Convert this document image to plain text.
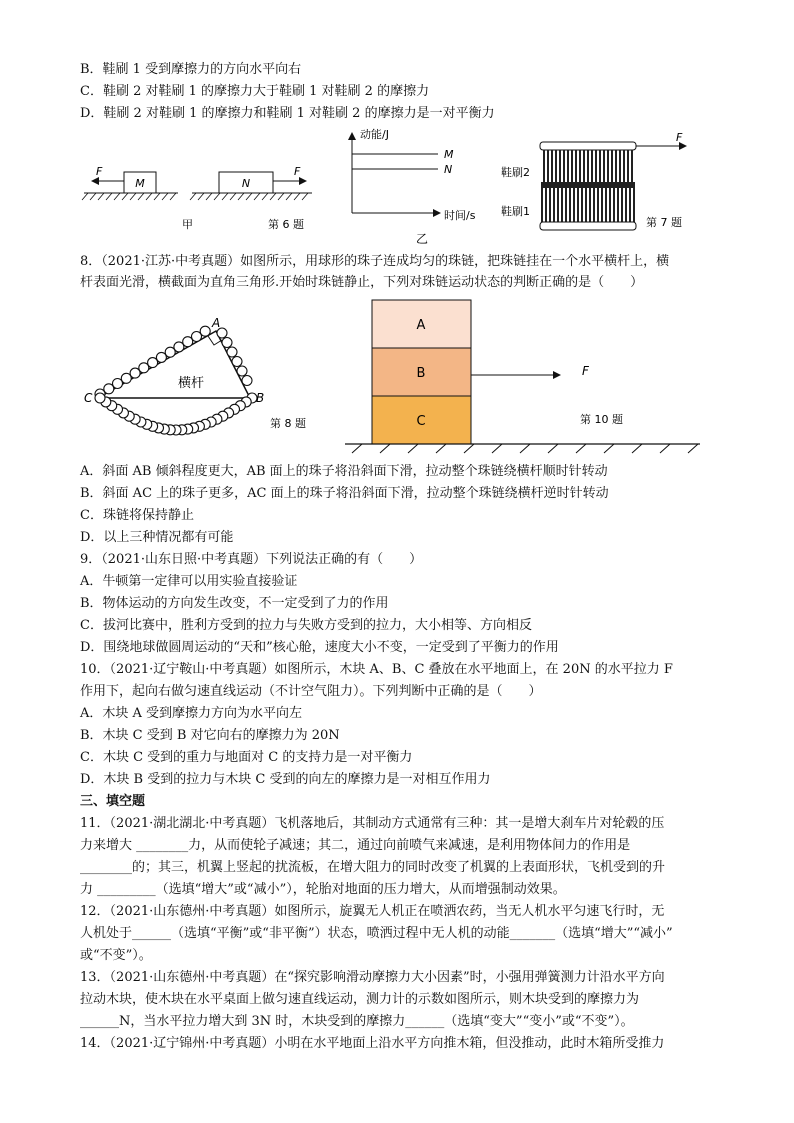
B．鞋刷 1 受到摩擦力的方向水平向右
C．鞋刷 2 对鞋刷 1 的摩擦力大于鞋刷 1 对鞋刷 2 的摩擦力
D．鞋刷 2 对鞋刷 1 的摩擦力和鞋刷 1 对鞋刷 2 的摩擦力是一对平衡力
M
F
N
F
甲	第 6 题
动能/J
时间/s
M
N
乙
F
鞋刷2
鞋刷1
第 7 题
8．（2021·江苏·中考真题）如图所示，用球形的珠子连成均匀的珠链，把珠链挂在一个水平横杆上，横
杆表面光滑，横截面为直角三角形.开始时珠链静止，下列对珠链运动状态的判断正确的是（　　）
A
B
C
横杆
第 8 题
A
B
C
F
第 10 题
A．斜面 AB 倾斜程度更大，AB 面上的珠子将沿斜面下滑，拉动整个珠链绕横杆顺时针转动
B．斜面 AC 上的珠子更多，AC 面上的珠子将沿斜面下滑，拉动整个珠链绕横杆逆时针转动
C．珠链将保持静止
D．以上三种情况都有可能
9．（2021·山东日照·中考真题）下列说法正确的有（　　）
A．牛顿第一定律可以用实验直接验证
B．物体运动的方向发生改变，不一定受到了力的作用
C．拔河比赛中，胜利方受到的拉力与失败方受到的拉力，大小相等、方向相反
D．围绕地球做圆周运动的“天和”核心舱，速度大小不变，一定受到了平衡力的作用
10．（2021·辽宁鞍山·中考真题）如图所示，木块 A、B、C 叠放在水平地面上，在 20N 的水平拉力 F
作用下，起向右做匀速直线运动（不计空气阻力）。下列判断中正确的是（　　）
A．木块 A 受到摩擦力方向为水平向左
B．木块 C 受到 B 对它向右的摩擦力为 20N
C．木块 C 受到的重力与地面对 C 的支持力是一对平衡力
D．木块 B 受到的拉力与木块 C 受到的向左的摩擦力是一对相互作用力
三、填空题
11．（2021·湖北湖北·中考真题）飞机落地后，其制动方式通常有三种：其一是增大刹车片对轮毂的压
力来增大 ________力，从而使轮子减速；其二，通过向前喷气来减速，是利用物体间力的作用是
________的；其三，机翼上竖起的扰流板，在增大阻力的同时改变了机翼的上表面形状，飞机受到的升
力 _________（选填“增大”或“减小”），轮胎对地面的压力增大，从而增强制动效果。
12．（2021·山东德州·中考真题）如图所示，旋翼无人机正在喷洒农药，当无人机水平匀速飞行时，无
人机处于______（选填“平衡”或“非平衡”）状态，喷洒过程中无人机的动能_______（选填“增大”“减小”
或“不变”）。
13．（2021·山东德州·中考真题）在“探究影响滑动摩擦力大小因素”时，小强用弹簧测力计沿水平方向
拉动木块，使木块在水平桌面上做匀速直线运动，测力计的示数如图所示，则木块受到的摩擦力为
______N，当水平拉力增大到 3N 时，木块受到的摩擦力______（选填“变大”“变小”或“不变”）。
14．（2021·辽宁锦州·中考真题）小明在水平地面上沿水平方向推木箱，但没推动，此时木箱所受推力
